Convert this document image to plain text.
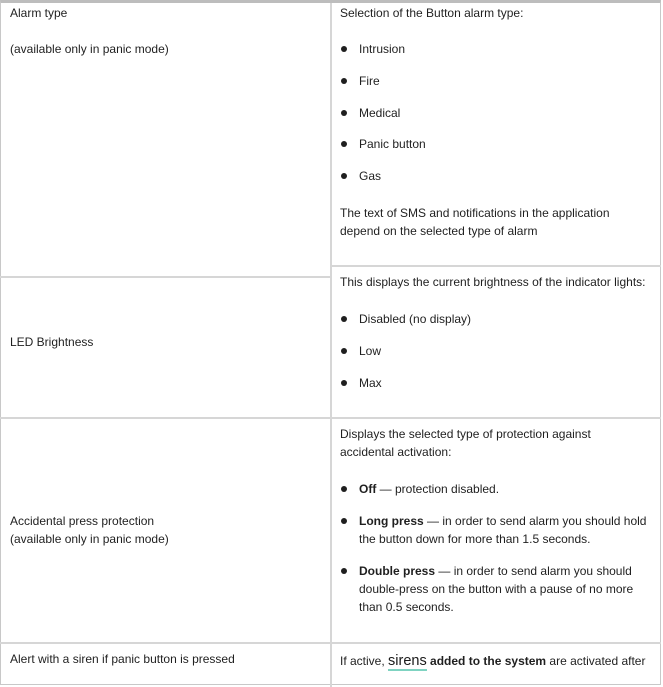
Alarm type
(available only in panic mode)
Selection of the Button alarm type:
Intrusion
Fire
Medical
Panic button
Gas
The text of SMS and notifications in the application
depend on the selected type of alarm
LED Brightness
This displays the current brightness of the indicator lights:
Disabled (no display)
Low
Max
Accidental press protection
(available only in panic mode)
Displays the selected type of protection against
accidental activation:
Off — protection disabled.
Long press — in order to send alarm you should hold
the button down for more than 1.5 seconds.
Double press — in order to send alarm you should
double-press on the button with a pause of no more
than 0.5 seconds.
Alert with a siren if panic button is pressed	If active, sirens added to the system are activated after
